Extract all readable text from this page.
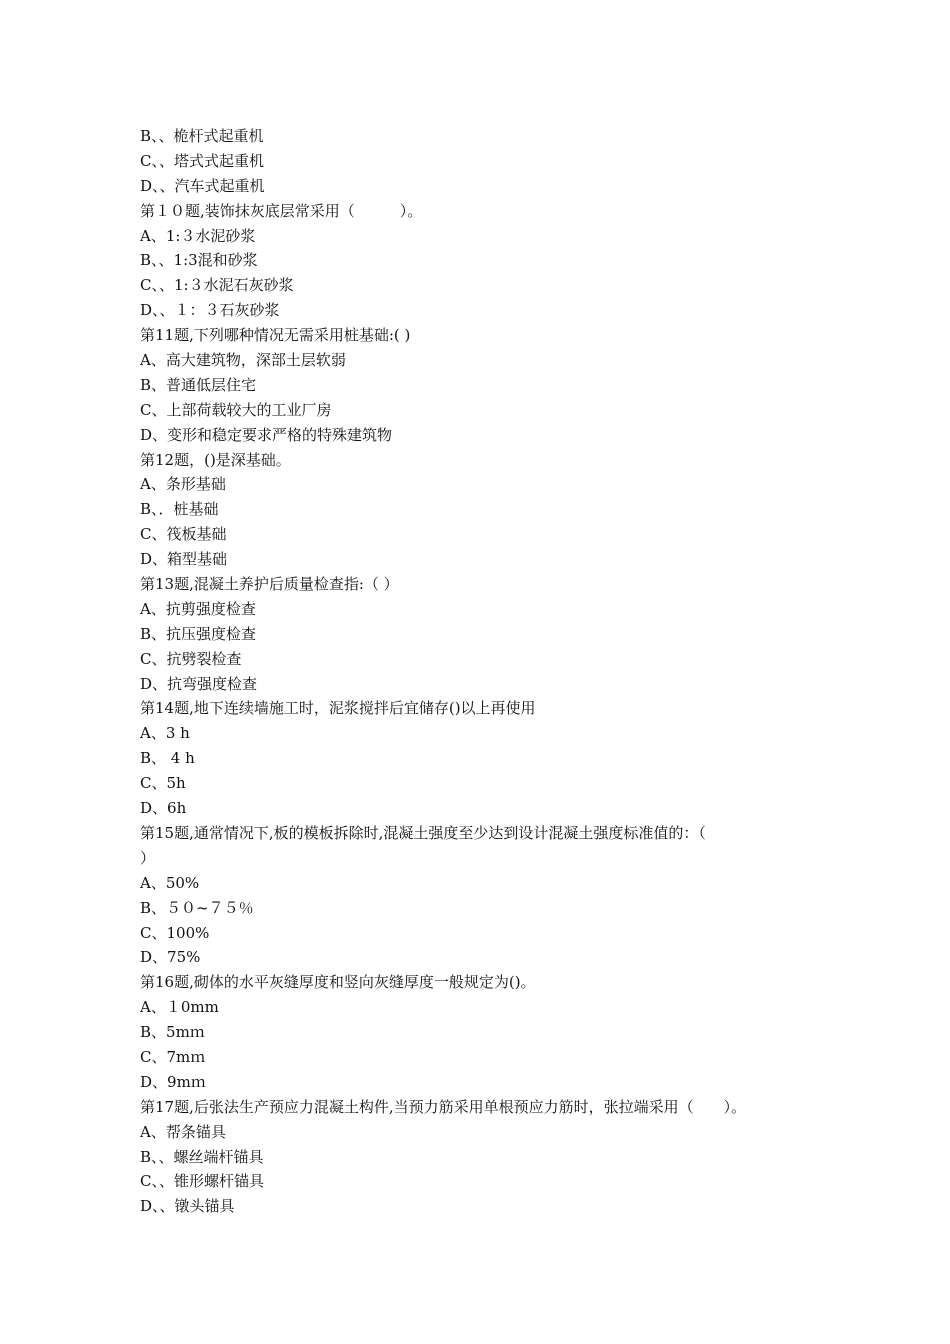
B、、桅杆式起重机
C、、塔式式起重机
D、、汽车式起重机
第１０题,装饰抹灰底层常采用（　　　）。
A、1:３水泥砂浆
B、、1:3混和砂浆
C、、1:３水泥石灰砂浆
D、、１：３石灰砂浆
第11题,下列哪种情况无需采用桩基础:( )
A、高大建筑物，深部土层软弱
B、普通低层住宅
C、上部荷载较大的工业厂房
D、变形和稳定要求严格的特殊建筑物
第12题，()是深基础。
A、条形基础
B、．桩基础
C、筏板基础
D、箱型基础
第13题,混凝土养护后质量检查指:（ ）
A、抗剪强度检查
B、抗压强度检查
C、抗劈裂检查
D、抗弯强度检查
第14题,地下连续墙施工时，泥浆搅拌后宜储存()以上再使用
A、3 h
B、 4 h
C、5h
D、6h
第15题,通常情况下,板的模板拆除时,混凝土强度至少达到设计混凝土强度标准值的：（
）
A、50%
B、５０~７５％
C、100%
D、75%
第16题,砌体的水平灰缝厚度和竖向灰缝厚度一般规定为()。
A、１0mm
B、5mｍ
C、7mｍ
D、9mｍ
第17题,后张法生产预应力混凝土构件,当预力筋采用单根预应力筋时，张拉端采用（　　）。
A、帮条锚具
B、、螺丝端杆锚具
C、、锥形螺杆锚具
D、、镦头锚具
